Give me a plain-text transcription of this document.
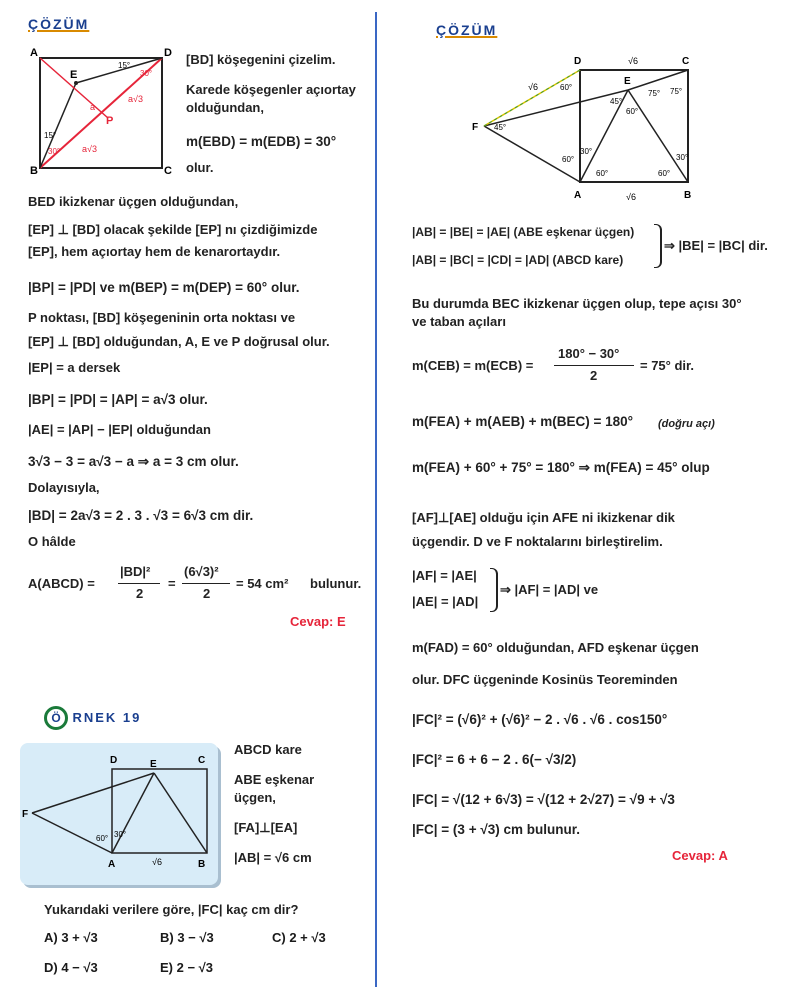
ÇÖZÜM
A
B	C
D
E
P
a
a√3
a√3
15°
15°
30°
30°
[BD] köşegenini çizelim.
Karede köşegenler açıortay
olduğundan,
m(EBD) = m(EDB) = 30°
olur.
BED ikizkenar üçgen olduğundan,
[EP] ⊥ [BD] olacak şekilde [EP] nı çizdiğimizde
[EP], hem açıortay hem de kenarortaydır.
|BP| = |PD| ve m(BEP) = m(DEP) = 60° olur.
P noktası, [BD] köşegeninin orta noktası ve
[EP] ⊥ [BD] olduğundan, A, E ve P doğrusal olur.
|EP| = a dersek
|BP| = |PD| = |AP| = a√3 olur.
|AE| = |AP| − |EP| olduğundan
3√3 − 3 = a√3 − a ⇒ a = 3 cm olur.
Dolayısıyla,
|BD| = 2a√3 = 2 . 3 . √3 = 6√3 cm dir.
O hâlde
A(ABCD) =
|BD|²
2
=
(6√3)²
2
= 54 cm² bulunur.
Cevap: E
Ö RNEK 19
D	C
E
F
A	B
√6
60° 30°
ABCD kare
ABE eşkenar
üçgen,
[FA]⊥[EA]
|AB| = √6 cm
Yukarıdaki verilere göre, |FC| kaç cm dir?
A) 3 + √3	B) 3 − √3	C) 2 + √3
D) 4 − √3	E) 2 − √3
ÇÖZÜM
D	C
E
F
A	B
√6
√6
√6
45°
45°
60°
60°
60°
60°	60°
75° 75°
30°
30°
|AB| = |BE| = |AE| (ABE eşkenar üçgen)
|AB| = |BC| = |CD| = |AD| (ABCD kare)
⇒ |BE| = |BC| dir.
Bu durumda BEC ikizkenar üçgen olup, tepe açısı 30°
ve taban açıları
m(CEB) = m(ECB) =
180° − 30°
2
= 75° dir.
m(FEA) + m(AEB) + m(BEC) = 180° (doğru açı)
m(FEA) + 60° + 75° = 180° ⇒ m(FEA) = 45° olup
[AF]⊥[AE] olduğu için AFE ni ikizkenar dik
üçgendir. D ve F noktalarını birleştirelim.
|AF| = |AE|
|AE| = |AD|
⇒ |AF| = |AD| ve
m(FAD) = 60° olduğundan, AFD eşkenar üçgen
olur. DFC üçgeninde Kosinüs Teoreminden
|FC|² = (√6)² + (√6)² − 2 . √6 . √6 . cos150°
|FC|² = 6 + 6 − 2 . 6(− √3/2)
|FC| = √(12 + 6√3) = √(12 + 2√27) = √9 + √3
|FC| = (3 + √3) cm bulunur.
Cevap: A
